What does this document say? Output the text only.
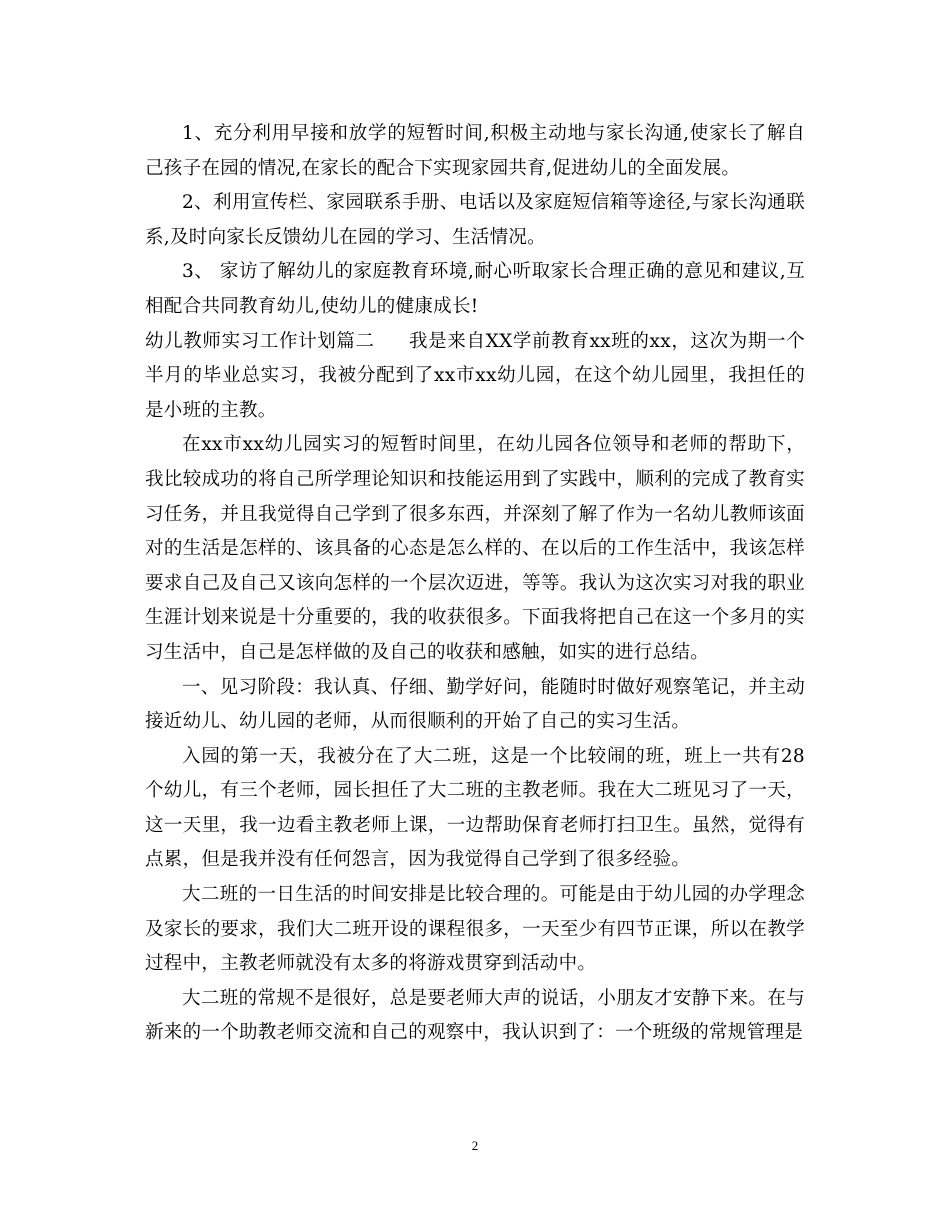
1、充分利用早接和放学的短暂时间,积极主动地与家长沟通,使家长了解自己孩子在园的情况,在家长的配合下实现家园共育,促进幼儿的全面发展。

2、利用宣传栏、家园联系手册、电话以及家庭短信箱等途径,与家长沟通联系,及时向家长反馈幼儿在园的学习、生活情况。

3、 家访了解幼儿的家庭教育环境,耐心听取家长合理正确的意见和建议,互相配合共同教育幼儿,使幼儿的健康成长!

幼儿教师实习工作计划篇二 我是来自XX学前教育xx班的xx，这次为期一个半月的毕业总实习，我被分配到了xx市xx幼儿园，在这个幼儿园里，我担任的是小班的主教。

在xx市xx幼儿园实习的短暂时间里，在幼儿园各位领导和老师的帮助下，我比较成功的将自己所学理论知识和技能运用到了实践中，顺利的完成了教育实习任务，并且我觉得自己学到了很多东西，并深刻了解了作为一名幼儿教师该面对的生活是怎样的、该具备的心态是怎么样的、在以后的工作生活中，我该怎样要求自己及自己又该向怎样的一个层次迈进，等等。我认为这次实习对我的职业生涯计划来说是十分重要的，我的收获很多。下面我将把自己在这一个多月的实习生活中，自己是怎样做的及自己的收获和感触，如实的进行总结。

一、见习阶段：我认真、仔细、勤学好问，能随时时做好观察笔记，并主动接近幼儿、幼儿园的老师，从而很顺利的开始了自己的实习生活。

入园的第一天，我被分在了大二班，这是一个比较闹的班，班上一共有28个幼儿，有三个老师，园长担任了大二班的主教老师。我在大二班见习了一天，这一天里，我一边看主教老师上课，一边帮助保育老师打扫卫生。虽然，觉得有点累，但是我并没有任何怨言，因为我觉得自己学到了很多经验。

大二班的一日生活的时间安排是比较合理的。可能是由于幼儿园的办学理念及家长的要求，我们大二班开设的课程很多，一天至少有四节正课，所以在教学过程中，主教老师就没有太多的将游戏贯穿到活动中。

大二班的常规不是很好，总是要老师大声的说话，小朋友才安静下来。在与新来的一个助教老师交流和自己的观察中，我认识到了：一个班级的常规管理是

2
